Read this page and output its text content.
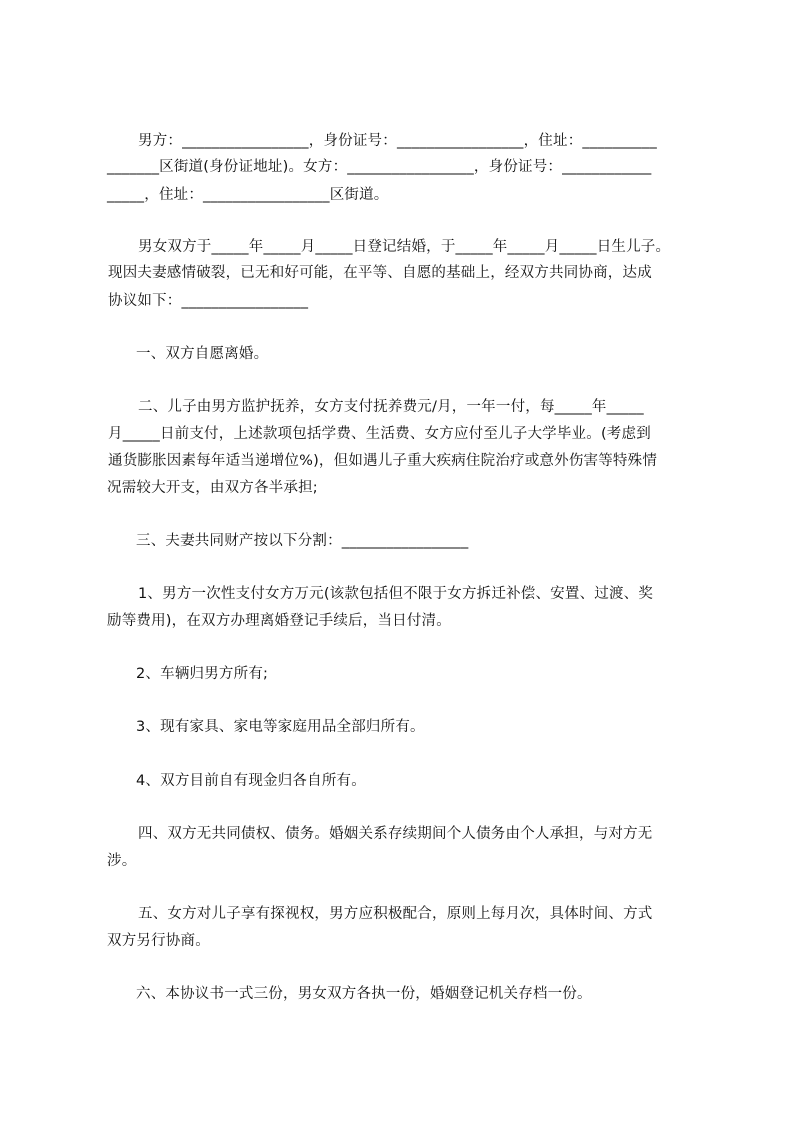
男方：_________________，身份证号：_________________，住址：__________
_______区街道(身份证地址)。女方：_________________，身份证号：____________
_____，住址：_________________区街道。
男女双方于_____年_____月_____日登记结婚，于_____年_____月_____日生儿子。
现因夫妻感情破裂，已无和好可能，在平等、自愿的基础上，经双方共同协商，达成
协议如下：_________________
一、双方自愿离婚。
二、儿子由男方监护抚养，女方支付抚养费元/月，一年一付，每_____年_____
月_____日前支付，上述款项包括学费、生活费、女方应付至儿子大学毕业。(考虑到
通货膨胀因素每年适当递增位%)，但如遇儿子重大疾病住院治疗或意外伤害等特殊情
况需较大开支，由双方各半承担;
三、夫妻共同财产按以下分割：_________________
1、男方一次性支付女方万元(该款包括但不限于女方拆迁补偿、安置、过渡、奖
励等费用)，在双方办理离婚登记手续后，当日付清。
2、车辆归男方所有;
3、现有家具、家电等家庭用品全部归所有。
4、双方目前自有现金归各自所有。
四、双方无共同债权、债务。婚姻关系存续期间个人债务由个人承担，与对方无
涉。
五、女方对儿子享有探视权，男方应积极配合，原则上每月次，具体时间、方式
双方另行协商。
六、本协议书一式三份，男女双方各执一份，婚姻登记机关存档一份。
